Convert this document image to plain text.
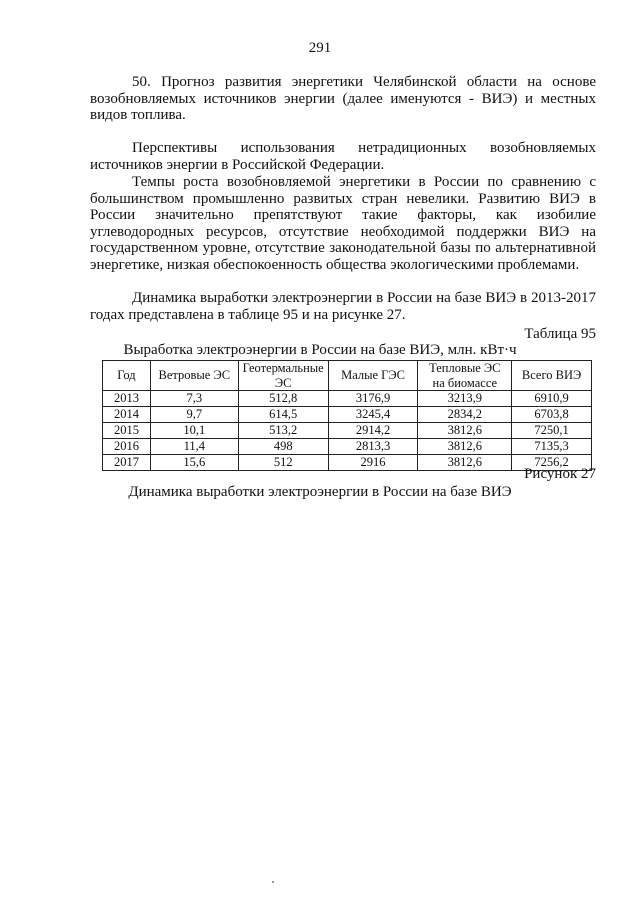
291
50. Прогноз развития энергетики Челябинской области на основе возобновляемых источников энергии (далее именуются - ВИЭ) и местных видов топлива.
Перспективы использования нетрадиционных возобновляемых источников энергии в Российской Федерации.
Темпы роста возобновляемой энергетики в России по сравнению с большинством промышленно развитых стран невелики. Развитию ВИЭ в России значительно препятствуют такие факторы, как изобилие углеводородных ресурсов, отсутствие необходимой поддержки ВИЭ на государственном уровне, отсутствие законодательной базы по альтернативной энергетике, низкая обеспокоенность общества экологическими проблемами.
Динамика выработки электроэнергии в России на базе ВИЭ в 2013-2017 годах представлена в таблице 95 и на рисунке 27.
Таблица 95
Выработка электроэнергии в России на базе ВИЭ, млн. кВт·ч
Год	Ветровые ЭС	Геотермальные ЭС	Малые ГЭС	Тепловые ЭС на биомассе	Всего ВИЭ
2013	7,3	512,8	3176,9	3213,9	6910,9
2014	9,7	614,5	3245,4	2834,2	6703,8
2015	10,1	513,2	2914,2	3812,6	7250,1
2016	11,4	498	2813,3	3812,6	7135,3
2017	15,6	512	2916	3812,6	7256,2
Рисунок 27
Динамика выработки электроэнергии в России на базе ВИЭ
